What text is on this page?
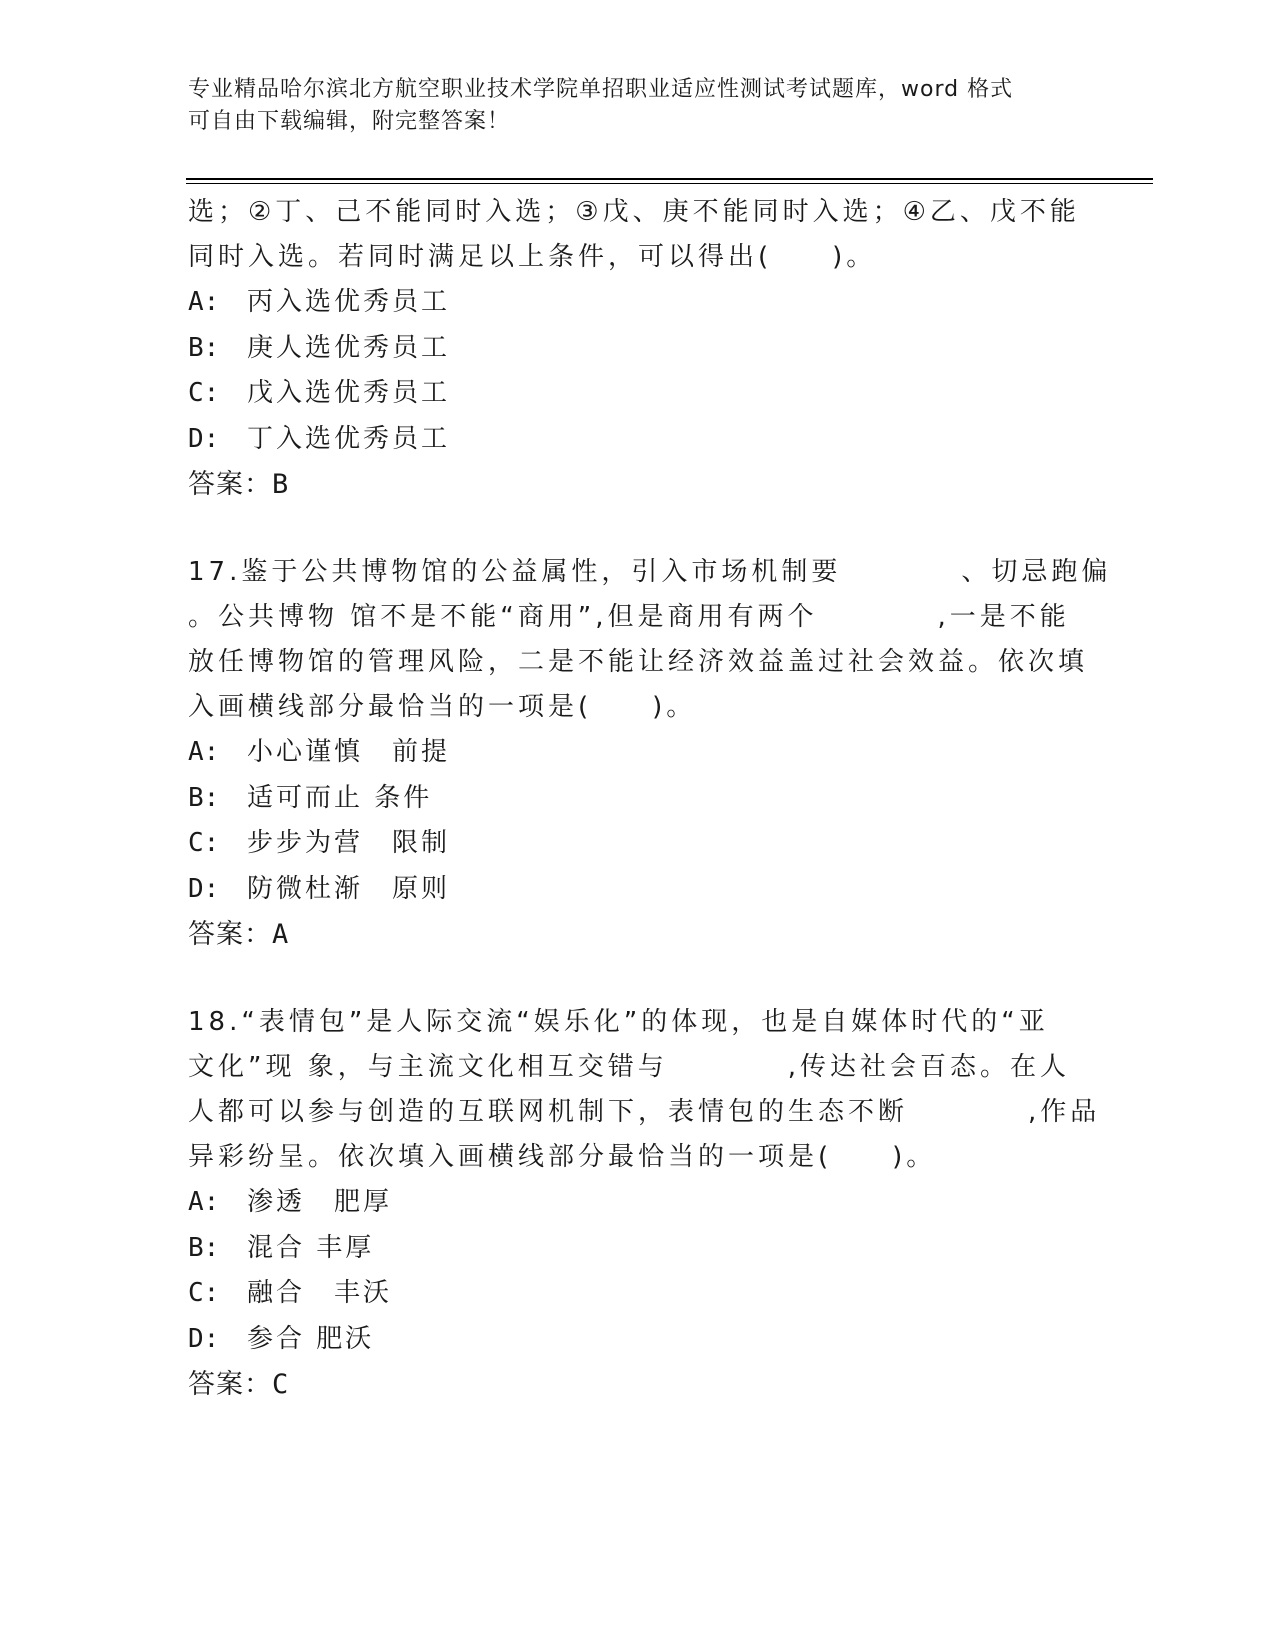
专业精品哈尔滨北方航空职业技术学院单招职业适应性测试考试题库，word 格式
可自由下载编辑，附完整答案！
选；②丁、己不能同时入选；③戊、庚不能同时入选；④乙、戊不能
同时入选。若同时满足以上条件，可以得出(　　)。
A: 丙入选优秀员工
B: 庚人选优秀员工
C: 戊入选优秀员工
D: 丁入选优秀员工
答案：B
17.鉴于公共博物馆的公益属性，引入市场机制要　　　　、切忌跑偏
。公共博物 馆不是不能“商用”,但是商用有两个　　　　,一是不能
放任博物馆的管理风险，二是不能让经济效益盖过社会效益。依次填
入画横线部分最恰当的一项是(　　)。
A: 小心谨慎　前提
B: 适可而止 条件
C: 步步为营　限制
D: 防微杜渐　原则
答案：A
18.“表情包”是人际交流“娱乐化”的体现，也是自媒体时代的“亚
文化”现 象，与主流文化相互交错与　　　　,传达社会百态。在人
人都可以参与创造的互联网机制下，表情包的生态不断　　　　,作品
异彩纷呈。依次填入画横线部分最恰当的一项是(　　)。
A: 渗透　肥厚
B: 混合 丰厚
C: 融合　丰沃
D: 参合 肥沃
答案：C
